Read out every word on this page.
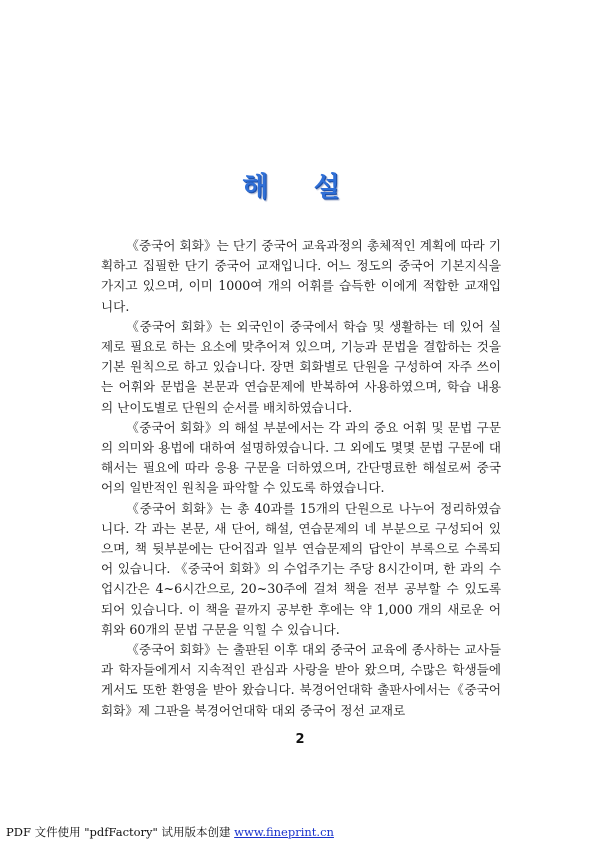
해 설

《중국어 회화》는 단기 중국어 교육과정의 총체적인 계획에 따라 기획하고 집필한 단기 중국어 교재입니다. 어느 정도의 중국어 기본지식을 가지고 있으며, 이미 1000여 개의 어휘를 습득한 이에게 적합한 교재입니다.

《중국어 회화》는 외국인이 중국에서 학습 및 생활하는 데 있어 실제로 필요로 하는 요소에 맞추어져 있으며, 기능과 문법을 결합하는 것을 기본 원칙으로 하고 있습니다. 장면 회화별로 단원을 구성하여 자주 쓰이는 어휘와 문법을 본문과 연습문제에 반복하여 사용하였으며, 학습 내용의 난이도별로 단원의 순서를 배치하였습니다.

《중국어 회화》의 해설 부분에서는 각 과의 중요 어휘 및 문법 구문의 의미와 용법에 대하여 설명하였습니다. 그 외에도 몇몇 문법 구문에 대해서는 필요에 따라 응용 구문을 더하였으며, 간단명료한 해설로써 중국어의 일반적인 원칙을 파악할 수 있도록 하였습니다.

《중국어 회화》는 총 40과를 15개의 단원으로 나누어 정리하였습니다. 각 과는 본문, 새 단어, 해설, 연습문제의 네 부분으로 구성되어 있으며, 책 뒷부분에는 단어집과 일부 연습문제의 답안이 부록으로 수록되어 있습니다. 《중국어 회화》의 수업주기는 주당 8시간이며, 한 과의 수업시간은 4~6시간으로, 20~30주에 걸쳐 책을 전부 공부할 수 있도록 되어 있습니다. 이 책을 끝까지 공부한 후에는 약 1,000 개의 새로운 어휘와 60개의 문법 구문을 익힐 수 있습니다.

《중국어 회화》는 출판된 이후 대외 중국어 교육에 종사하는 교사들과 학자들에게서 지속적인 관심과 사랑을 받아 왔으며, 수많은 학생들에게서도 또한 환영을 받아 왔습니다. 북경어언대학 출판사에서는《중국어 회화》제 그판을 북경어언대학 대외 중국어 정선 교재로

2
PDF 文件使用 "pdfFactory" 试用版本创建 www.fineprint.cn
